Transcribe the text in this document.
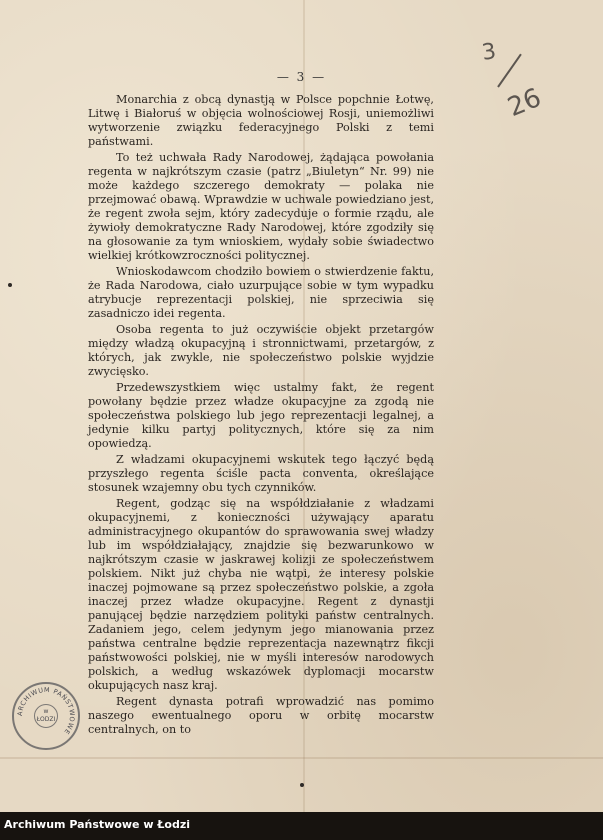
— 3 —
3
26

Monarchia z obcą dynastją w Polsce popchnie Łotwę, Litwę i Białoruś w objęcia wolnościowej Rosji, uniemożliwi wytworzenie związku federacyjnego Polski z temi państwami.

To też uchwała Rady Narodowej, żądająca powołania regenta w najkrótszym czasie (patrz „Biuletyn“ Nr. 99) nie może każdego szczerego demokraty — polaka nie przejmować obawą. Wprawdzie w uchwale powiedziano jest, że regent zwoła sejm, który zadecyduje o formie rządu, ale żywioły demokratyczne Rady Narodowej, które zgodziły się na głosowanie za tym wnioskiem, wydały sobie świadectwo wielkiej krótkowzroczności politycznej.

Wnioskodawcom chodziło bowiem o stwierdzenie faktu, że Rada Narodowa, ciało uzurpujące sobie w tym wypadku atrybucje reprezentacji polskiej, nie sprzeciwia się zasadniczo idei regenta.

Osoba regenta to już oczywiście objekt przetargów między władzą okupacyjną i stronnictwami, przetargów, z których, jak zwykle, nie społeczeństwo polskie wyjdzie zwycięsko.

Przedewszystkiem więc ustalmy fakt, że regent powołany będzie przez władze okupacyjne za zgodą nie społeczeństwa polskiego lub jego reprezentacji legalnej, a jedynie kilku partyj politycznych, które się za nim opowiedzą.

Z władzami okupacyjnemi wskutek tego łączyć będą przyszłego regenta ściśle pacta conventa, określające stosunek wzajemny obu tych czynników.

Regent, godząc się na współdziałanie z władzami okupacyjnemi, z konieczności używający aparatu administracyjnego okupantów do sprawowania swej władzy lub im współdziałający, znajdzie się bezwarunkowo w najkrótszym czasie w jaskrawej kolizji ze społeczeństwem polskiem. Nikt już chyba nie wątpi, że interesy polskie inaczej pojmowane są przez społeczeństwo polskie, a zgoła inaczej przez władze okupacyjne. Regent z dynastji panującej będzie narzędziem polityki państw centralnych. Zadaniem jego, celem jedynym jego mianowania przez państwa centralne będzie reprezentacja nazewnątrz fikcji państwowości polskiej, nie w myśli interesów narodowych polskich, a według wskazówek dyplomacji mocarstw okupujących nasz kraj.

Regent dynasta potrafi wprowadzić nas pomimo naszego ewentualnego oporu w orbitę mocarstw centralnych, on to

ARCHIWUM PAŃSTWOWE
w ŁODZI
Archiwum Państwowe w Łodzi
